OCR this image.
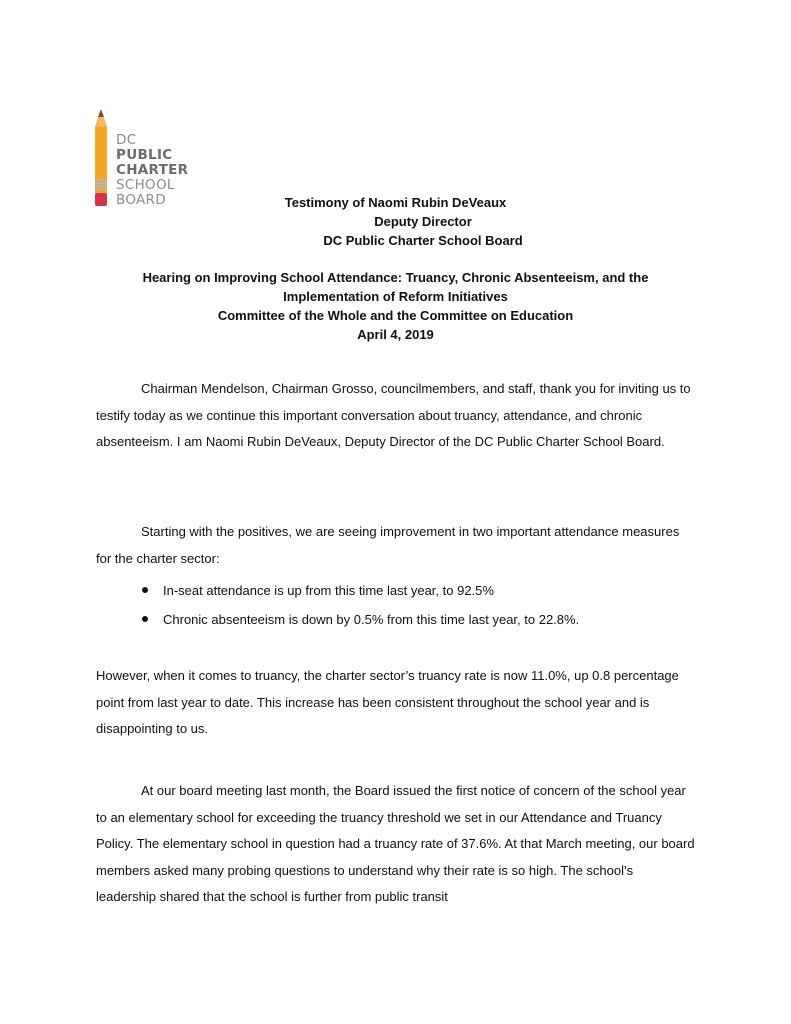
DC
PUBLIC
CHARTER
SCHOOL
BOARD	Testimony of Naomi Rubin DeVeaux
Deputy Director
DC Public Charter School Board
Hearing on Improving School Attendance: Truancy, Chronic Absenteeism, and the
Implementation of Reform Initiatives
Committee of the Whole and the Committee on Education
April 4, 2019

Chairman Mendelson, Chairman Grosso, councilmembers, and staff, thank you for inviting us to testify today as we continue this important conversation about truancy, attendance, and chronic absenteeism. I am Naomi Rubin DeVeaux, Deputy Director of the DC Public Charter School Board.

Starting with the positives, we are seeing improvement in two important attendance measures for the charter sector:

In-seat attendance is up from this time last year, to 92.5%
Chronic absenteeism is down by 0.5% from this time last year, to 22.8%.

However, when it comes to truancy, the charter sector’s truancy rate is now 11.0%, up 0.8 percentage point from last year to date. This increase has been consistent throughout the school year and is disappointing to us.

At our board meeting last month, the Board issued the first notice of concern of the school year to an elementary school for exceeding the truancy threshold we set in our Attendance and Truancy Policy. The elementary school in question had a truancy rate of 37.6%. At that March meeting, our board members asked many probing questions to understand why their rate is so high. The school’s leadership shared that the school is further from public transit
